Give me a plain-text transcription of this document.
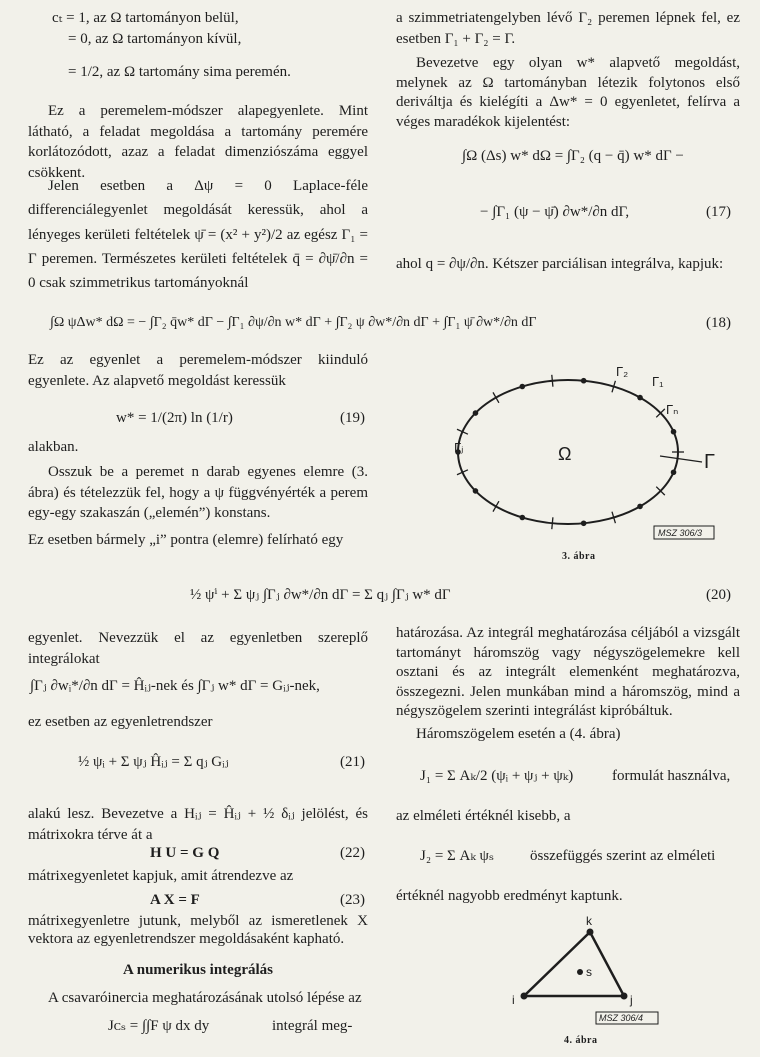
cₜ = 1, az Ω tartományon belül,
= 0, az Ω tartományon kívül,
= 1/2, az Ω tartomány sima peremén.

Ez a peremelem-módszer alapegyenlete. Mint látható, a feladat megoldása a tartomány peremére korlátozódott, azaz a feladat dimenziószáma eggyel csökkent.

Jelen esetben a Δψ = 0 Laplace-féle differenciálegyenlet megoldását keressük, ahol a lényeges kerületi feltételek ψ̄ = (x² + y²)/2 az egész Γ₁ = Γ peremen. Természetes kerületi feltételek q̄ = ∂ψ̄/∂n = 0 csak szimmetrikus tartományoknál

∫Ω ψΔw* dΩ = − ∫Γ₂ q̄w* dΓ − ∫Γ₁ ∂ψ/∂n w* dΓ + ∫Γ₂ ψ ∂w*/∂n dΓ + ∫Γ₁ ψ̄ ∂w*/∂n dΓ	(18)

Ez az egyenlet a peremelem-módszer kiinduló egyenlete. Az alapvető megoldást keressük

w* = 1/(2π) ln (1/r)	(19)

alakban.

Osszuk be a peremet n darab egyenes elemre (3. ábra) és tételezzük fel, hogy a ψ függvényérték a perem egy-egy szakaszán („elemén”) konstans.

Ez esetben bármely „i” pontra (elemre) felírható egy

½ ψⁱ + Σ ψⱼ ∫Γⱼ ∂w*/∂n dΓ = Σ qⱼ ∫Γⱼ w* dΓ	(20)

egyenlet. Nevezzük el az egyenletben szereplő integrálokat

∫Γⱼ ∂wᵢ*/∂n dΓ = Ĥᵢⱼ-nek és ∫Γⱼ w* dΓ = Gᵢⱼ-nek,

ez esetben az egyenletrendszer

½ ψᵢ + Σ ψⱼ Ĥᵢⱼ = Σ qⱼ Gᵢⱼ	(21)

alakú lesz. Bevezetve a Hᵢⱼ = Ĥᵢⱼ + ½ δᵢⱼ jelölést, és mátrixokra térve át a

H U = G Q	(22)

mátrixegyenletet kapjuk, amit átrendezve az

A X = F	(23)

mátrixegyenletre jutunk, melyből az ismeretlenek X vektora az egyenletrendszer megoldásaként kapható.

A numerikus integrálás

A csavaróinercia meghatározásának utolsó lépése az

Jᴄₛ = ∫∫F ψ dx dy	integrál meg-

a szimmetriatengelyben lévő Γ₂ peremen lépnek fel, ez esetben Γ₁ + Γ₂ = Γ.

Bevezetve egy olyan w* alapvető megoldást, melynek az Ω tartományban létezik folytonos első deriváltja és kielégíti a Δw* = 0 egyenletet, felírva a véges maradékok kijelentést:

∫Ω (Δs) w* dΩ = ∫Γ₂ (q − q̄) w* dΓ −
− ∫Γ₁ (ψ − ψ̄) ∂w*/∂n dΓ,	(17)

ahol q = ∂ψ/∂n. Kétszer parciálisan integrálva, kapjuk:

Ω
Γ₂
Γ₁
Γₙ
Γⱼ
Γ
MSZ 306/3
3. ábra

határozása. Az integrál meghatározása céljából a vizsgált tartományt háromszög vagy négyszögelemekre kell osztani és az integrált elemenként meghatározva, összegezni. Jelen munkában mind a háromszög, mind a négyszögelem szerinti integrálást kipróbáltuk.

Háromszögelem esetén a (4. ábra)

J₁ = Σ Aₖ/2 (ψᵢ + ψⱼ + ψₖ)	formulát használva,

az elméleti értéknél kisebb, a

J₂ = Σ Aₖ ψₛ összefüggés szerint az elméleti

értéknél nagyobb eredményt kaptunk.

k
i	j
s
MSZ 306/4
4. ábra
